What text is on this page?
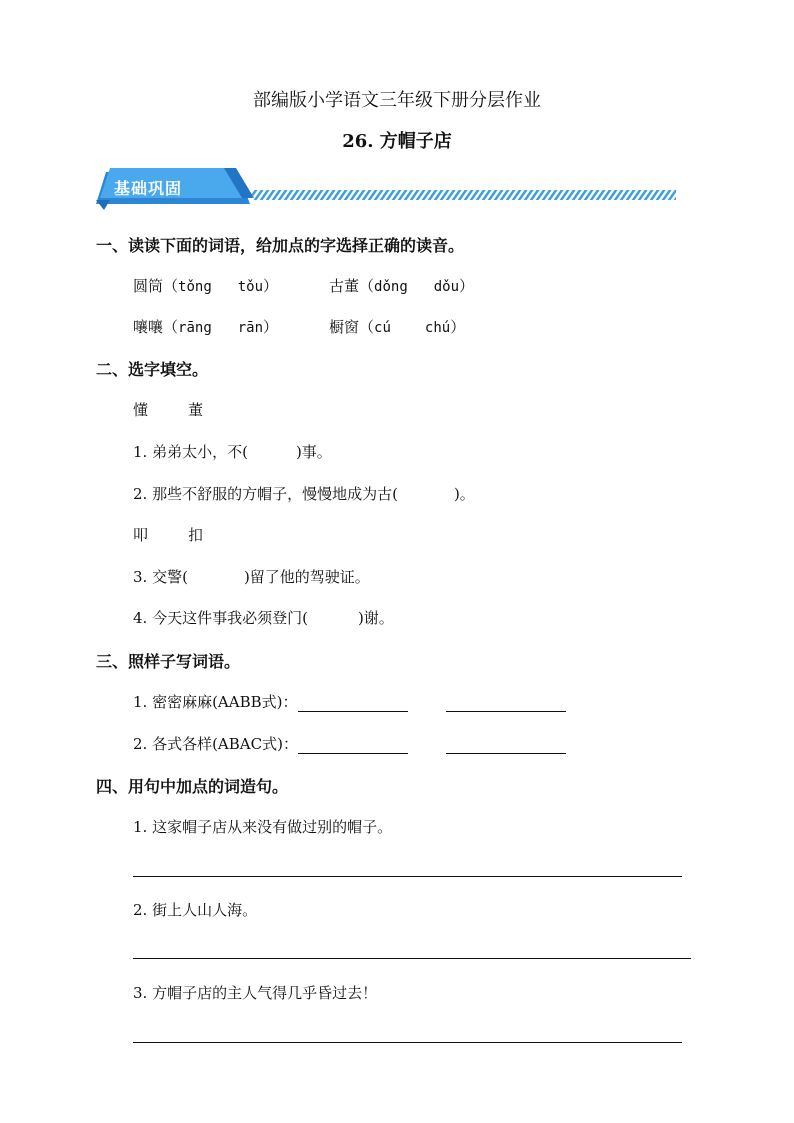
部编版小学语文三年级下册分层作业
26. 方帽子店
基础巩固
一、读读下面的词语，给加点的字选择正确的读音。
圆筒（tǒng tǒu）	古董（dǒng dǒu）
嚷嚷（rāng rān）	橱窗（cú chú）
二、选字填空。
懂	董
1. 弟弟太小，不(	)事。
2. 那些不舒服的方帽子，慢慢地成为古(	)。
叩	扣
3. 交警(	)留了他的驾驶证。
4. 今天这件事我必须登门(	)谢。
三、照样子写词语。
1. 密密麻麻(AABB式)：
2. 各式各样(ABAC式)：
四、用句中加点的词造句。
1. 这家帽子店从来没有做过别的帽子。
2. 街上人山人海。
3. 方帽子店的主人气得几乎昏过去！
